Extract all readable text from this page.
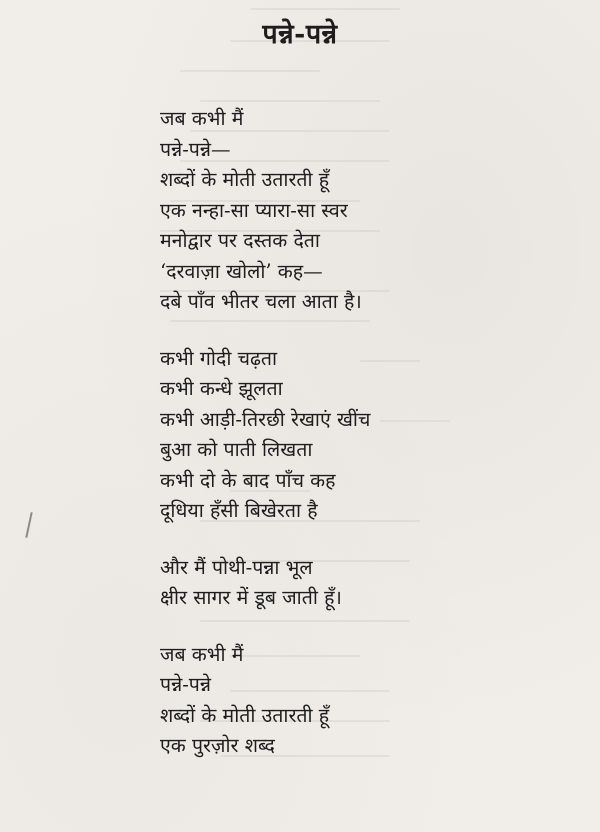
पन्ने-पन्ने
जब कभी मैं
पन्ने-पन्ने—
शब्दों के मोती उतारती हूँ
एक नन्हा-सा प्यारा-सा स्वर
मनोद्वार पर दस्तक देता
‘दरवाज़ा खोलो’ कह—
दबे पाँव भीतर चला आता है।
कभी गोदी चढ़ता
कभी कन्धे झूलता
कभी आड़ी-तिरछी रेखाएं खींच
बुआ को पाती लिखता
कभी दो के बाद पाँच कह
दूधिया हँसी बिखेरता है
और मैं पोथी-पन्ना भूल
क्षीर सागर में डूब जाती हूँ।
जब कभी मैं
पन्ने-पन्ने
शब्दों के मोती उतारती हूँ
एक पुरज़ोर शब्द
